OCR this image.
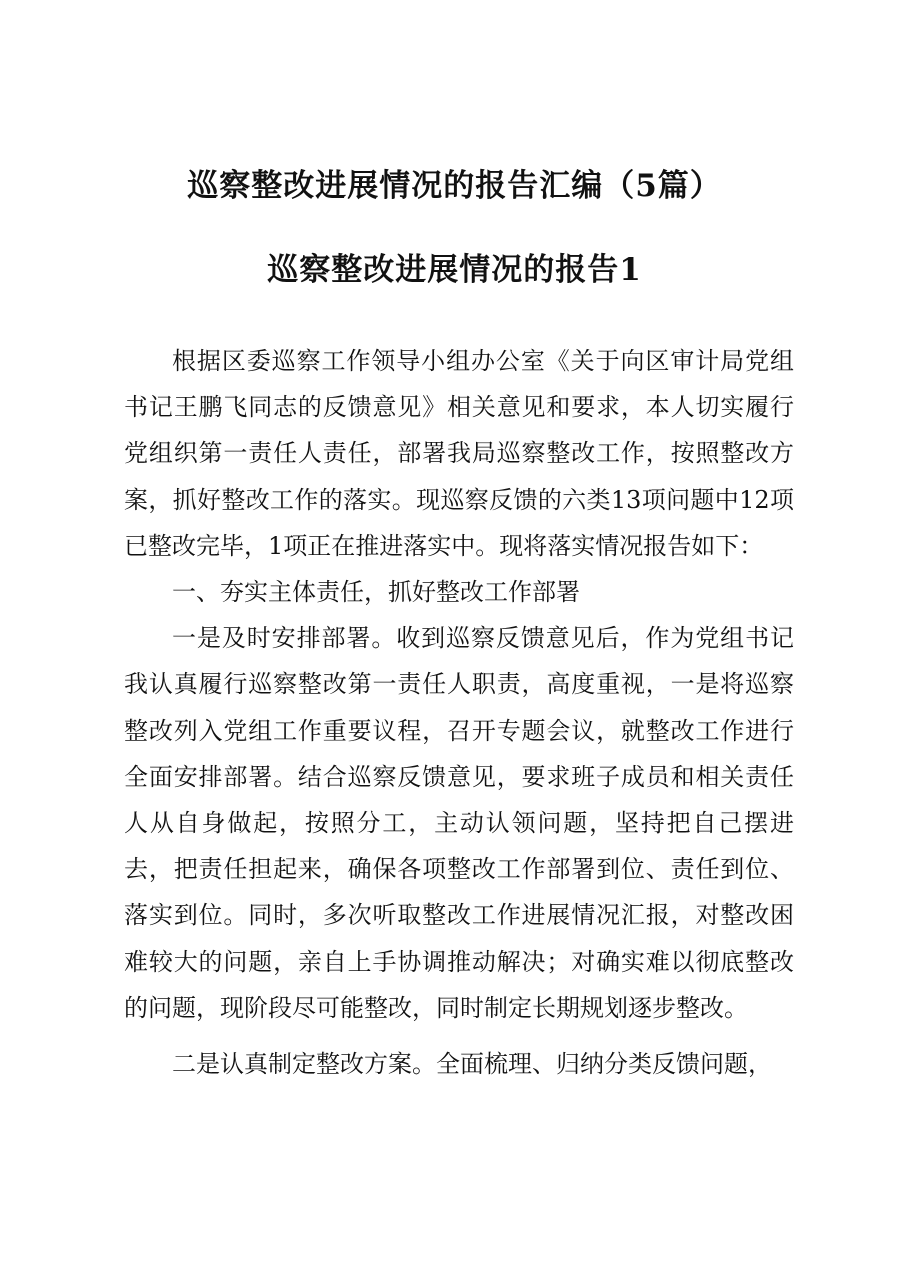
巡察整改进展情况的报告汇编（5篇）
巡察整改进展情况的报告1

根据区委巡察工作领导小组办公室《关于向区审计局党组书记王鹏飞同志的反馈意见》相关意见和要求，本人切实履行党组织第一责任人责任，部署我局巡察整改工作，按照整改方案，抓好整改工作的落实。现巡察反馈的六类13项问题中12项已整改完毕，1项正在推进落实中。现将落实情况报告如下：

一、夯实主体责任，抓好整改工作部署

一是及时安排部署。收到巡察反馈意见后，作为党组书记我认真履行巡察整改第一责任人职责，高度重视，一是将巡察整改列入党组工作重要议程，召开专题会议，就整改工作进行全面安排部署。结合巡察反馈意见，要求班子成员和相关责任人从自身做起，按照分工，主动认领问题，坚持把自己摆进去，把责任担起来，确保各项整改工作部署到位、责任到位、落实到位。同时，多次听取整改工作进展情况汇报，对整改困难较大的问题，亲自上手协调推动解决；对确实难以彻底整改的问题，现阶段尽可能整改，同时制定长期规划逐步整改。

二是认真制定整改方案。全面梳理、归纳分类反馈问题，
